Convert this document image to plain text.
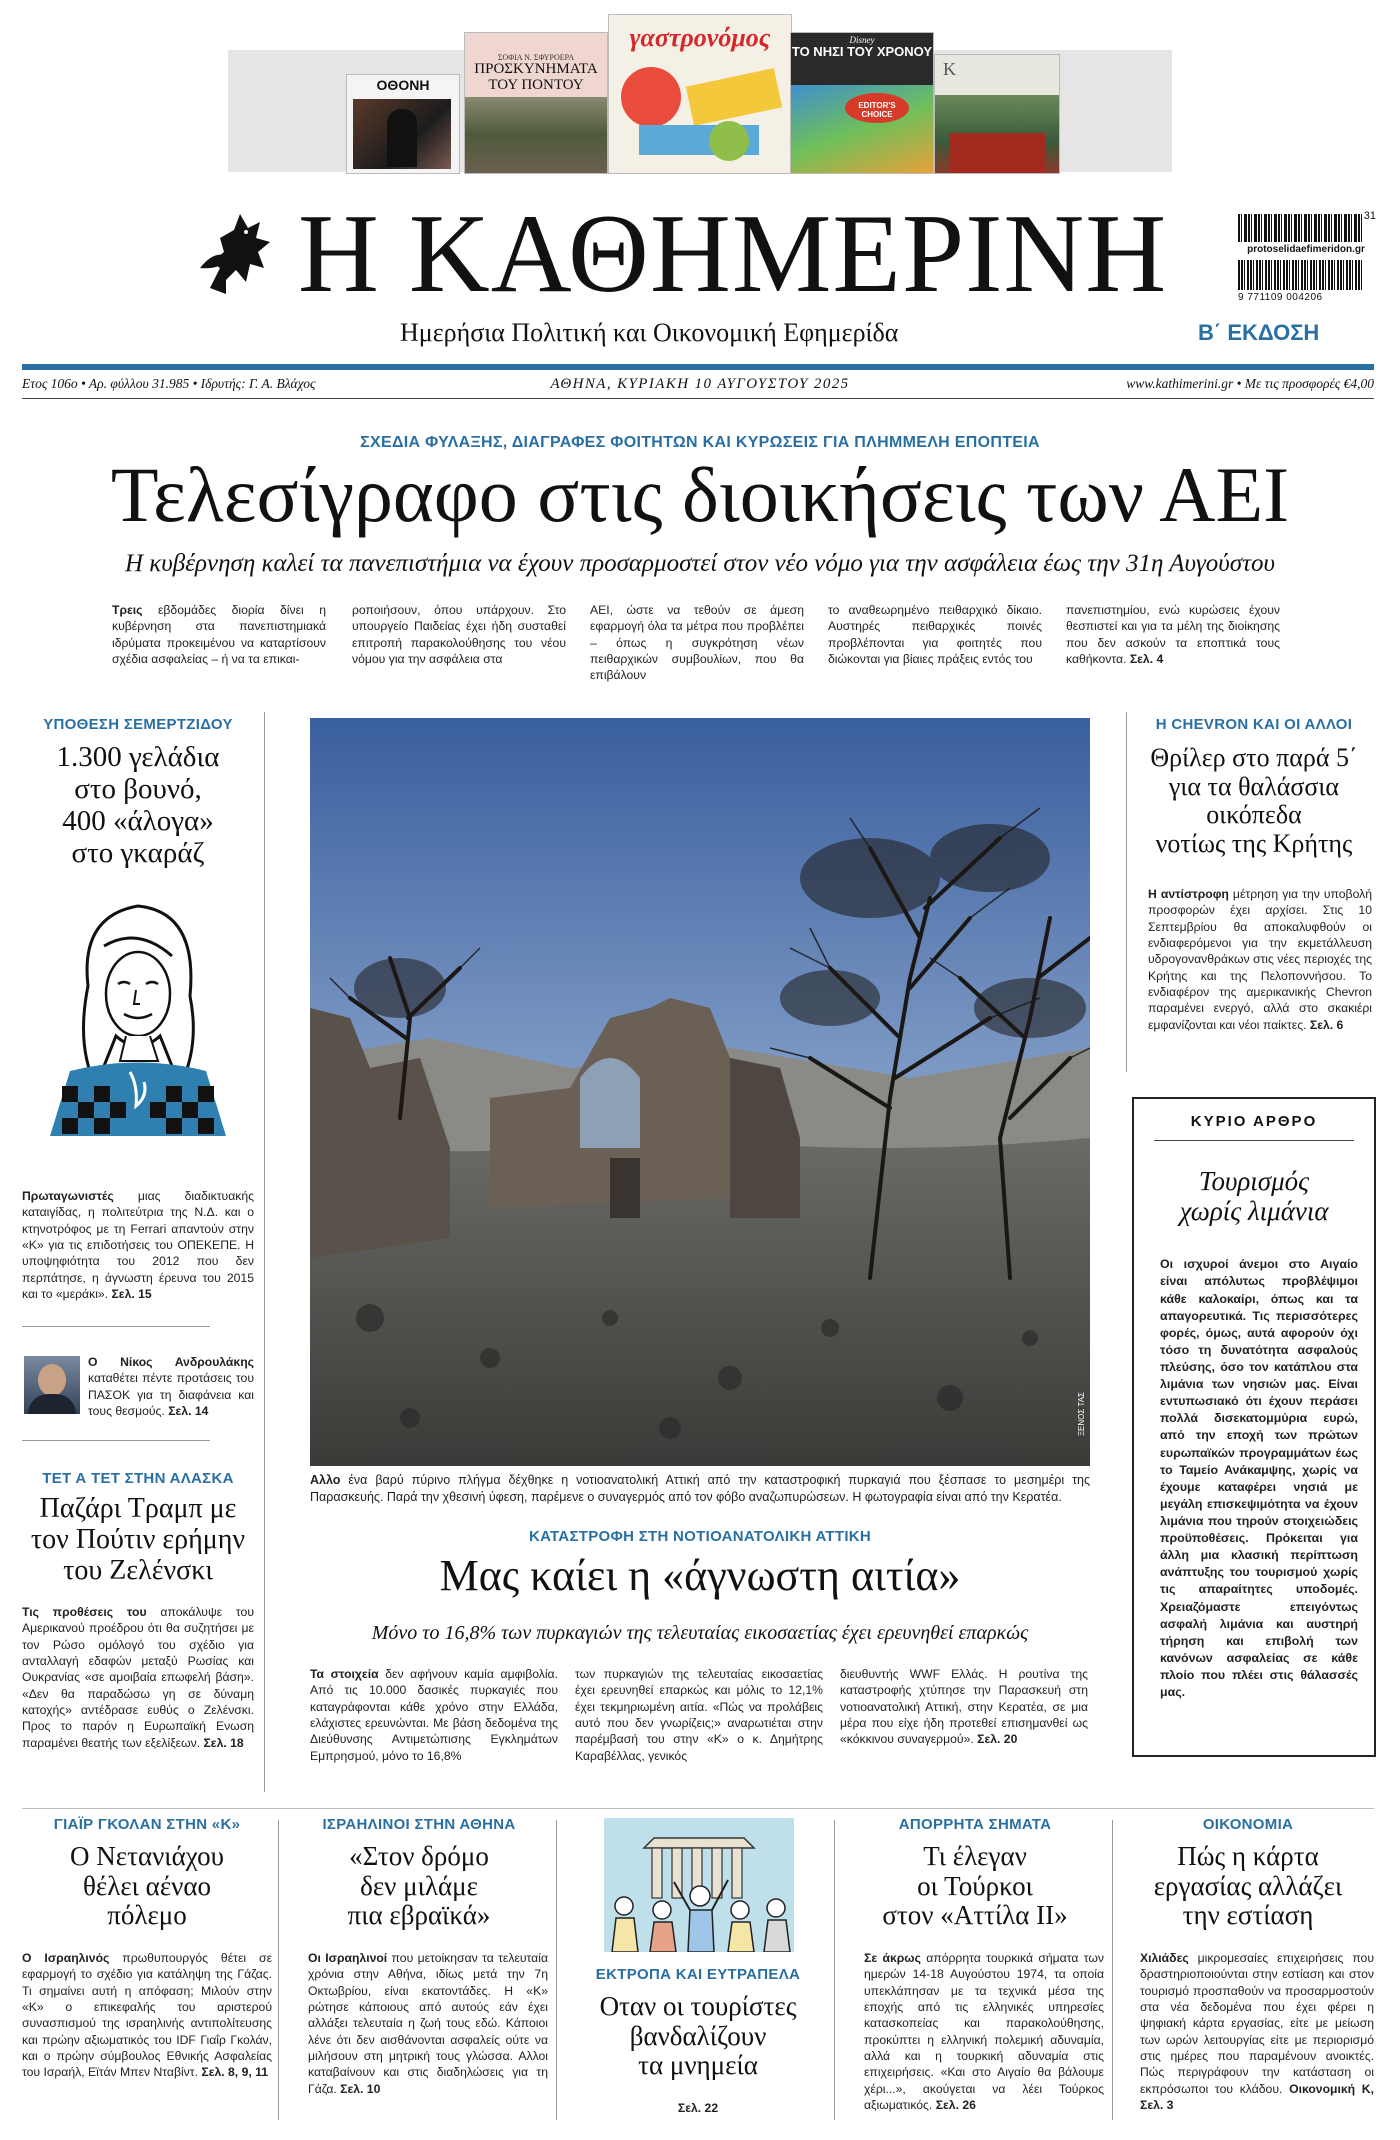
ΟΘΟΝΗ
ΣΟΦΙΑ Ν. ΣΦΥΡΟΕΡΑ
ΠΡΟΣΚΥΝΗΜΑΤΑ ΤΟΥ ΠΟΝΤΟΥ
γαστρονόμος	Disney
ΤΟ ΝΗΣΙ ΤΟΥ ΧΡΟΝΟΥ
EDITOR'S CHOICE
K
Η ΚΑΘΗΜΕΡΙΝΗ
Ημερήσια Πολιτική και Οικονομική Εφημερίδα
31
protoselidaefimeridon.gr
9 771109 004206
Β΄ ΕΚΔΟΣΗ
Ετος 106ο • Αρ. φύλλου 31.985 • Ιδρυτής: Γ. Α. Βλάχος	ΑΘΗΝΑ, ΚΥΡΙΑΚΗ 10 ΑΥΓΟΥΣΤΟΥ 2025	www.kathimerini.gr • Με τις προσφορές €4,00
ΣΧΕΔΙΑ ΦΥΛΑΞΗΣ, ΔΙΑΓΡΑΦΕΣ ΦΟΙΤΗΤΩΝ ΚΑΙ ΚΥΡΩΣΕΙΣ ΓΙΑ ΠΛΗΜΜΕΛΗ ΕΠΟΠΤΕΙΑ
Τελεσίγραφο στις διοικήσεις των ΑΕΙ
Η κυβέρνηση καλεί τα πανεπιστήμια να έχουν προσαρμοστεί στον νέο νόμο για την ασφάλεια έως την 31η Αυγούστου
Τρεις εβδομάδες διορία δίνει η κυβέρνηση στα πανεπιστημιακά ιδρύματα προκειμένου να καταρτίσουν σχέδια ασφαλείας – ή να τα επικαι-
ροποιήσουν, όπου υπάρχουν. Στο υπουργείο Παιδείας έχει ήδη συσταθεί επιτροπή παρακολούθησης του νέου νόμου για την ασφάλεια στα
ΑΕΙ, ώστε να τεθούν σε άμεση εφαρμογή όλα τα μέτρα που προβλέπει – όπως η συγκρότηση νέων πειθαρχικών συμβουλίων, που θα επιβάλουν
το αναθεωρημένο πειθαρχικό δίκαιο. Αυστηρές πειθαρχικές ποινές προβλέπονται για φοιτητές που διώκονται για βίαιες πράξεις εντός του
πανεπιστημίου, ενώ κυρώσεις έχουν θεσπιστεί και για τα μέλη της διοίκησης που δεν ασκούν τα εποπτικά τους καθήκοντα. Σελ. 4
ΥΠΟΘΕΣΗ ΣΕΜΕΡΤΖΙΔΟΥ
1.300 γελάδια
στο βουνό,
400 «άλογα»
στο γκαράζ
Πρωταγωνιστές μιας διαδικτυακής καταιγίδας, η πολιτεύτρια της Ν.Δ. και ο κτηνοτρόφος με τη Ferrari απαντούν στην «Κ» για τις επιδοτήσεις του ΟΠΕΚΕΠΕ. Η υποψηφιότητα του 2012 που δεν περπάτησε, η άγνωστη έρευνα του 2015 και το «μεράκι». Σελ. 15
Ο Νίκος Ανδρουλάκης καταθέτει πέντε προτάσεις του ΠΑΣΟΚ για τη διαφάνεια και τους θεσμούς. Σελ. 14
ΤΕΤ Α ΤΕΤ ΣΤΗΝ ΑΛΑΣΚΑ
Παζάρι Τραμπ με
τον Πούτιν ερήμην
του Ζελένσκι
Τις προθέσεις του αποκάλυψε του Αμερικανού προέδρου ότι θα συζητήσει με τον Ρώσο ομόλογό του σχέδιο για ανταλλαγή εδαφών μεταξύ Ρωσίας και Ουκρανίας «σε αμοιβαία επωφελή βάση». «Δεν θα παραδώσω γη σε δύναμη κατοχής» αντέδρασε ευθύς ο Ζελένσκι. Προς το παρόν η Ευρωπαϊκή Ενωση παραμένει θεατής των εξελίξεων. Σελ. 18
ΞΕΝΟΣ ΤΑΣ
Αλλο ένα βαρύ πύρινο πλήγμα δέχθηκε η νοτιοανατολική Αττική από την καταστροφική πυρκαγιά που ξέσπασε το μεσημέρι της Παρασκευής. Παρά την χθεσινή ύφεση, παρέμενε ο συναγερμός από τον φόβο αναζωπυρώσεων. Η φωτογραφία είναι από την Κερατέα.
ΚΑΤΑΣΤΡΟΦΗ ΣΤΗ ΝΟΤΙΟΑΝΑΤΟΛΙΚΗ ΑΤΤΙΚΗ
Μας καίει η «άγνωστη αιτία»
Μόνο το 16,8% των πυρκαγιών της τελευταίας εικοσαετίας έχει ερευνηθεί επαρκώς
Τα στοιχεία δεν αφήνουν καμία αμφιβολία. Από τις 10.000 δασικές πυρκαγιές που καταγράφονται κάθε χρόνο στην Ελλάδα, ελάχιστες ερευνώνται. Με βάση δεδομένα της Διεύθυνσης Αντιμετώπισης Εγκλημάτων Εμπρησμού, μόνο το 16,8%
των πυρκαγιών της τελευταίας εικοσαετίας έχει ερευνηθεί επαρκώς και μόλις το 12,1% έχει τεκμηριωμένη αιτία. «Πώς να προλάβεις αυτό που δεν γνωρίζεις;» αναρωτιέται στην παρέμβασή του στην «Κ» ο κ. Δημήτρης Καραβέλλας, γενικός
διευθυντής WWF Ελλάς. Η ρουτίνα της καταστροφής χτύπησε την Παρασκευή στη νοτιοανατολική Αττική, στην Κερατέα, σε μια μέρα που είχε ήδη προτεθεί επισημανθεί ως «κόκκινου συναγερμού». Σελ. 20
Η CHEVRON ΚΑΙ ΟΙ ΑΛΛΟΙ
Θρίλερ στο παρά 5΄
για τα θαλάσσια
οικόπεδα
νοτίως της Κρήτης
Η αντίστροφη μέτρηση για την υποβολή προσφορών έχει αρχίσει. Στις 10 Σεπτεμβρίου θα αποκαλυφθούν οι ενδιαφερόμενοι για την εκμετάλλευση υδρογονανθράκων στις νέες περιοχές της Κρήτης και της Πελοποννήσου. Το ενδιαφέρον της αμερικανικής Chevron παραμένει ενεργό, αλλά στο σκακιέρι εμφανίζονται και νέοι παίκτες. Σελ. 6
ΚΥΡΙΟ ΑΡΘΡΟ
Τουρισμός
χωρίς λιμάνια
Οι ισχυροί άνεμοι στο Αιγαίο είναι απόλυτως προβλέψιμοι κάθε καλοκαίρι, όπως και τα απαγορευτικά. Τις περισσότερες φορές, όμως, αυτά αφορούν όχι τόσο τη δυνατότητα ασφαλούς πλεύσης, όσο τον κατάπλου στα λιμάνια των νησιών μας. Είναι εντυπωσιακό ότι έχουν περάσει πολλά δισεκατομμύρια ευρώ, από την εποχή των πρώτων ευρωπαϊκών προγραμμάτων έως το Ταμείο Ανάκαμψης, χωρίς να έχουμε καταφέρει νησιά με μεγάλη επισκεψιμότητα να έχουν λιμάνια που τηρούν στοιχειώδεις προϋποθέσεις. Πρόκειται για άλλη μια κλασική περίπτωση ανάπτυξης του τουρισμού χωρίς τις απαραίτητες υποδομές. Χρειαζόμαστε επειγόντως ασφαλή λιμάνια και αυστηρή τήρηση και επιβολή των κανόνων ασφαλείας σε κάθε πλοίο που πλέει στις θάλασσές μας.
ΓΙΑΪΡ ΓΚΟΛΑΝ ΣΤΗΝ «Κ»
Ο Νετανιάχου
θέλει αέναο
πόλεμο
Ο Ισραηλινός πρωθυπουργός θέτει σε εφαρμογή το σχέδιο για κατάληψη της Γάζας. Τι σημαίνει αυτή η απόφαση; Μιλούν στην «Κ» ο επικεφαλής του αριστερού συνασπισμού της ισραηλινής αντιπολίτευσης και πρώην αξιωματικός του IDF Γιαΐρ Γκολάν, και ο πρώην σύμβουλος Εθνικής Ασφαλείας του Ισραήλ, Εϊτάν Μπεν Νταβίντ. Σελ. 8, 9, 11
ΙΣΡΑΗΛΙΝΟΙ ΣΤΗΝ ΑΘΗΝΑ
«Στον δρόμο
δεν μιλάμε
πια εβραϊκά»
Οι Ισραηλινοί που μετοίκησαν τα τελευταία χρόνια στην Αθήνα, ιδίως μετά την 7η Οκτωβρίου, είναι εκατοντάδες. Η «Κ» ρώτησε κάποιους από αυτούς εάν έχει αλλάξει τελευταία η ζωή τους εδώ. Κάποιοι λένε ότι δεν αισθάνονται ασφαλείς ούτε να μιλήσουν στη μητρική τους γλώσσα. Αλλοι καταβαίνουν και στις διαδηλώσεις για τη Γάζα. Σελ. 10
ΕΚΤΡΟΠΑ ΚΑΙ ΕΥΤΡΑΠΕΛΑ
Οταν οι τουρίστες
βανδαλίζουν
τα μνημεία
Σελ. 22
ΑΠΟΡΡΗΤΑ ΣΗΜΑΤΑ
Τι έλεγαν
οι Τούρκοι
στον «Αττίλα ΙΙ»
Σε άκρως απόρρητα τουρκικά σήματα των ημερών 14-18 Αυγούστου 1974, τα οποία υπεκλάπησαν με τα τεχνικά μέσα της εποχής από τις ελληνικές υπηρεσίες κατασκοπείας και παρακολούθησης, προκύπτει η ελληνική πολεμική αδυναμία, αλλά και η τουρκική αδυναμία στις επιχειρήσεις. «Και στο Αιγαίο θα βάλουμε χέρι...», ακούγεται να λέει Τούρκος αξιωματικός. Σελ. 26
ΟΙΚΟΝΟΜΙΑ
Πώς η κάρτα
εργασίας αλλάζει
την εστίαση
Χιλιάδες μικρομεσαίες επιχειρήσεις που δραστηριοποιούνται στην εστίαση και στον τουρισμό προσπαθούν να προσαρμοστούν στα νέα δεδομένα που έχει φέρει η ψηφιακή κάρτα εργασίας, είτε με μείωση των ωρών λειτουργίας είτε με περιορισμό στις ημέρες που παραμένουν ανοικτές. Πώς περιγράφουν την κατάσταση οι εκπρόσωποι του κλάδου. Οικονομική Κ, Σελ. 3
